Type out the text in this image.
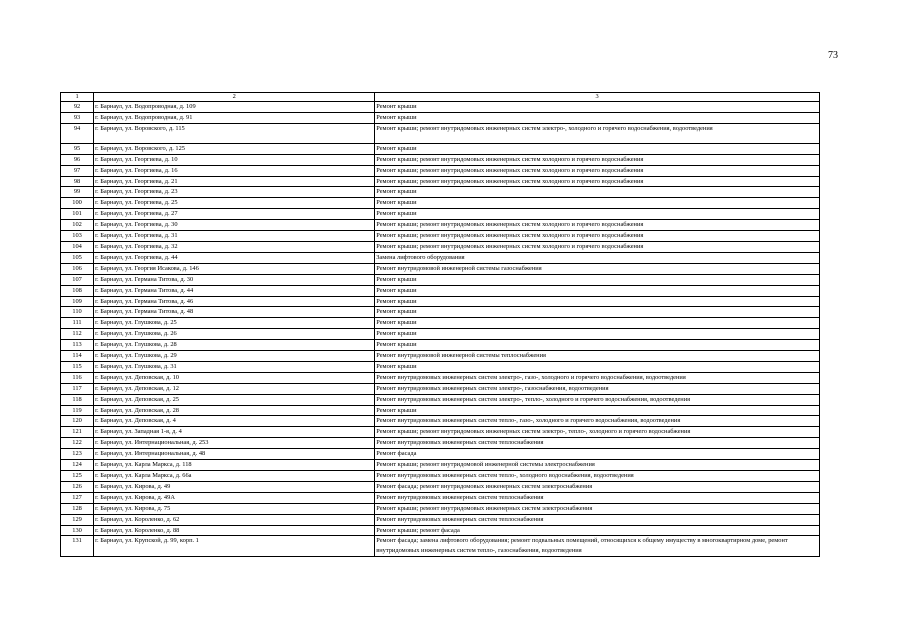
73
1	2	3
92	г. Барнаул, ул. Водопроводная, д. 109	Ремонт крыши
93	г. Барнаул, ул. Водопроводная, д. 91	Ремонт крыши
94	г. Барнаул, ул. Воровского, д. 115	Ремонт крыши; ремонт внутридомовых инженерных систем электро-, холодного и горячего водоснабжения, водоотведения
95	г. Барнаул, ул. Воровского, д. 125	Ремонт крыши
96	г. Барнаул, ул. Георгиева, д. 10	Ремонт крыши; ремонт внутридомовых инженерных систем холодного и горячего водоснабжения
97	г. Барнаул, ул. Георгиева, д. 16	Ремонт крыши; ремонт внутридомовых инженерных систем холодного и горячего водоснабжения
98	г. Барнаул, ул. Георгиева, д. 21	Ремонт крыши; ремонт внутридомовых инженерных систем холодного и горячего водоснабжения
99	г. Барнаул, ул. Георгиева, д. 23	Ремонт крыши
100	г. Барнаул, ул. Георгиева, д. 25	Ремонт крыши
101	г. Барнаул, ул. Георгиева, д. 27	Ремонт крыши
102	г. Барнаул, ул. Георгиева, д. 30	Ремонт крыши; ремонт внутридомовых инженерных систем холодного и горячего водоснабжения
103	г. Барнаул, ул. Георгиева, д. 31	Ремонт крыши; ремонт внутридомовых инженерных систем холодного и горячего водоснабжения
104	г. Барнаул, ул. Георгиева, д. 32	Ремонт крыши; ремонт внутридомовых инженерных систем холодного и горячего водоснабжения
105	г. Барнаул, ул. Георгиева, д. 44	Замена лифтового оборудования
106	г. Барнаул, ул. Георгия Исакова, д. 146	Ремонт внутридомовой инженерной системы газоснабжения
107	г. Барнаул, ул. Германа Титова, д. 30	Ремонт крыши
108	г. Барнаул, ул. Германа Титова, д. 44	Ремонт крыши
109	г. Барнаул, ул. Германа Титова, д. 46	Ремонт крыши
110	г. Барнаул, ул. Германа Титова, д. 48	Ремонт крыши
111	г. Барнаул, ул. Глушкова, д. 25	Ремонт крыши
112	г. Барнаул, ул. Глушкова, д. 26	Ремонт крыши
113	г. Барнаул, ул. Глушкова, д. 28	Ремонт крыши
114	г. Барнаул, ул. Глушкова, д. 29	Ремонт внутридомовой инженерной системы теплоснабжения
115	г. Барнаул, ул. Глушкова, д. 31	Ремонт крыши
116	г. Барнаул, ул. Деповская, д. 10	Ремонт внутридомовых инженерных систем электро-, газо-, холодного и горячего водоснабжения, водоотведения
117	г. Барнаул, ул. Деповская, д. 12	Ремонт внутридомовых инженерных систем электро-, газоснабжения, водоотведения
118	г. Барнаул, ул. Деповская, д. 25	Ремонт внутридомовых инженерных систем электро-, тепло-, холодного и горячего водоснабжения, водоотведения
119	г. Барнаул, ул. Деповская, д. 28	Ремонт крыши
120	г. Барнаул, ул. Деповская, д. 4	Ремонт внутридомовых инженерных систем тепло-, газо-, холодного и горячего водоснабжения, водоотведения
121	г. Барнаул, ул. Западная 1-я, д. 4	Ремонт крыши; ремонт внутридомовых инженерных систем электро-, тепло-, холодного и горячего водоснабжения
122	г. Барнаул, ул. Интернациональная, д. 253	Ремонт внутридомовых инженерных систем теплоснабжения
123	г. Барнаул, ул. Интернациональная, д. 48	Ремонт фасада
124	г. Барнаул, ул. Карла Маркса, д. 118	Ремонт крыши; ремонт внутридомовой инженерной системы электроснабжения
125	г. Барнаул, ул. Карла Маркса, д. 66а	Ремонт внутридомовых инженерных систем тепло-, холодного водоснабжения, водоотведения
126	г. Барнаул, ул. Кирова, д. 49	Ремонт фасада; ремонт внутридомовых инженерных систем электроснабжения
127	г. Барнаул, ул. Кирова, д. 49А	Ремонт внутридомовых инженерных систем теплоснабжения
128	г. Барнаул, ул. Кирова, д. 75	Ремонт крыши; ремонт внутридомовых инженерных систем электроснабжения
129	г. Барнаул, ул. Короленко, д. 62	Ремонт внутридомовых инженерных систем теплоснабжения
130	г. Барнаул, ул. Короленко, д. 88	Ремонт крыши; ремонт фасада
131	г. Барнаул, ул. Крупской, д. 99, корп. 1	Ремонт фасада; замена лифтового оборудования; ремонт подвальных помещений, относящихся к общему имуществу в многоквартирном доме, ремонт внутридомовых инженерных систем тепло-, газоснабжения, водоотведения
